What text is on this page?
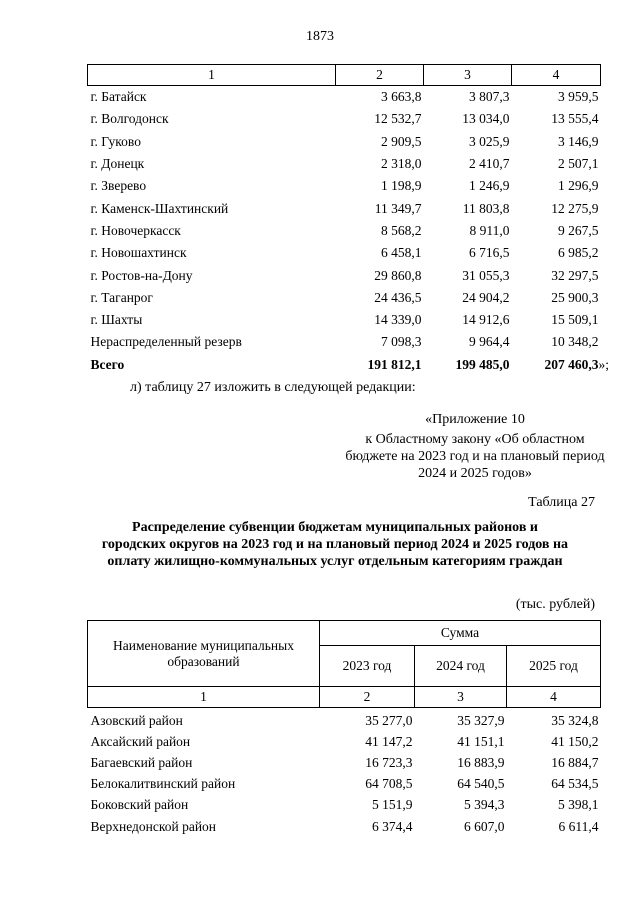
1873
1	2	3	4
г. Батайск	3 663,8	3 807,3	3 959,5
г. Волгодонск	12 532,7	13 034,0	13 555,4
г. Гуково	2 909,5	3 025,9	3 146,9
г. Донецк	2 318,0	2 410,7	2 507,1
г. Зверево	1 198,9	1 246,9	1 296,9
г. Каменск-Шахтинский	11 349,7	11 803,8	12 275,9
г. Новочеркасск	8 568,2	8 911,0	9 267,5
г. Новошахтинск	6 458,1	6 716,5	6 985,2
г. Ростов-на-Дону	29 860,8	31 055,3	32 297,5
г. Таганрог	24 436,5	24 904,2	25 900,3
г. Шахты	14 339,0	14 912,6	15 509,1
Нераспределенный резерв	7 098,3	9 964,4	10 348,2
Всего	191 812,1	199 485,0	207 460,3 »;
л) таблицу 27 изложить в следующей редакции:
«Приложение 10
к Областному закону «Об областном бюджете на 2023 год и на плановый период 2024 и 2025 годов»
Таблица 27
Распределение субвенции бюджетам муниципальных районов и городских округов на 2023 год и на плановый период 2024 и 2025 годов на оплату жилищно-коммунальных услуг отдельным категориям граждан
(тыс. рублей)
Наименование муниципальных образований	Сумма		
	2023 год	2024 год	2025 год
1	2	3	4
Азовский район	35 277,0	35 327,9	35 324,8
Аксайский район	41 147,2	41 151,1	41 150,2
Багаевский район	16 723,3	16 883,9	16 884,7
Белокалитвинский район	64 708,5	64 540,5	64 534,5
Боковский район	5 151,9	5 394,3	5 398,1
Верхнедонской район	6 374,4	6 607,0	6 611,4
